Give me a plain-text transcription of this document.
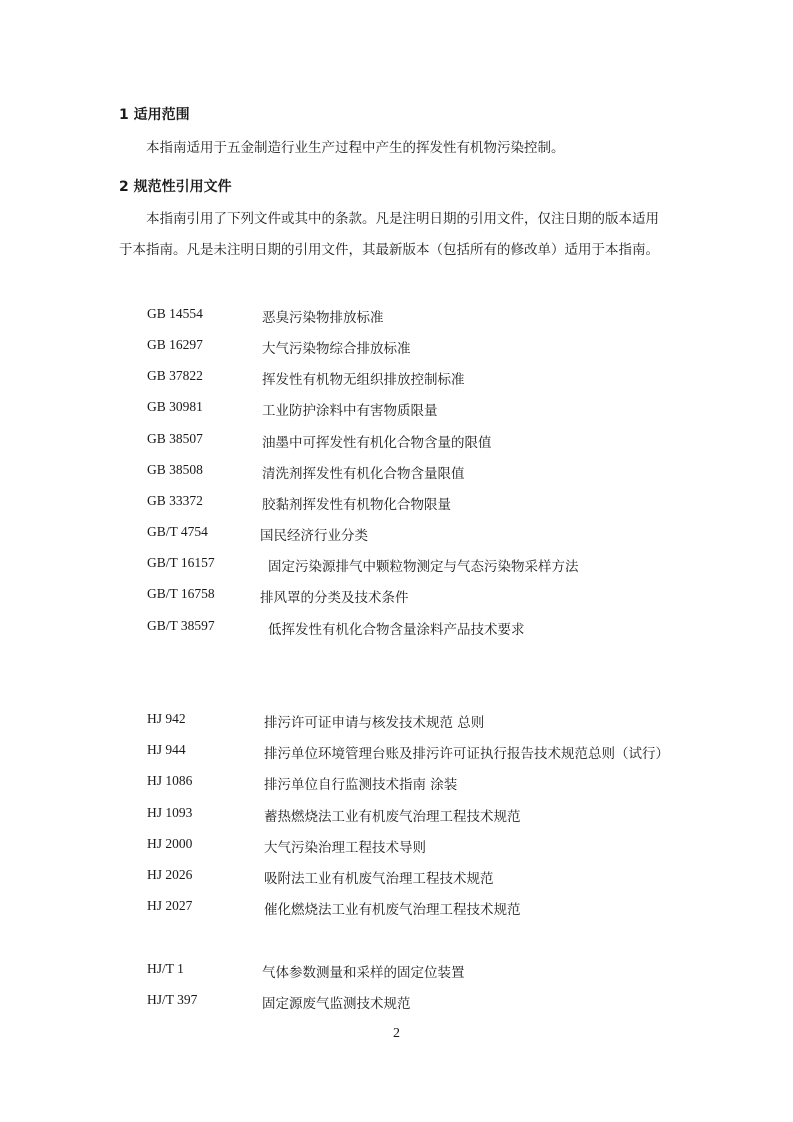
1 适用范围
本指南适用于五金制造行业生产过程中产生的挥发性有机物污染控制。
2 规范性引用文件
本指南引用了下列文件或其中的条款。凡是注明日期的引用文件，仅注日期的版本适用
于本指南。凡是未注明日期的引用文件，其最新版本（包括所有的修改单）适用于本指南。
GB 14554
GB 16297
GB 37822
GB 30981
GB 38507
GB 38508
GB 33372
GB/T 4754
GB/T 16157
GB/T 16758
GB/T 38597
HJ 942
HJ 944
HJ 1086
HJ 1093
HJ 2000
HJ 2026
HJ 2027
HJ/T 1
HJ/T 397
恶臭污染物排放标准
大气污染物综合排放标准
挥发性有机物无组织排放控制标准
工业防护涂料中有害物质限量
油墨中可挥发性有机化合物含量的限值
清洗剂挥发性有机化合物含量限值
胶黏剂挥发性有机物化合物限量
国民经济行业分类
固定污染源排气中颗粒物测定与气态污染物采样方法
排风罩的分类及技术条件
低挥发性有机化合物含量涂料产品技术要求
排污许可证申请与核发技术规范 总则
排污单位环境管理台账及排污许可证执行报告技术规范总则（试行）
排污单位自行监测技术指南 涂装
蓄热燃烧法工业有机废气治理工程技术规范
大气污染治理工程技术导则
吸附法工业有机废气治理工程技术规范
催化燃烧法工业有机废气治理工程技术规范
气体参数测量和采样的固定位装置
固定源废气监测技术规范
2
